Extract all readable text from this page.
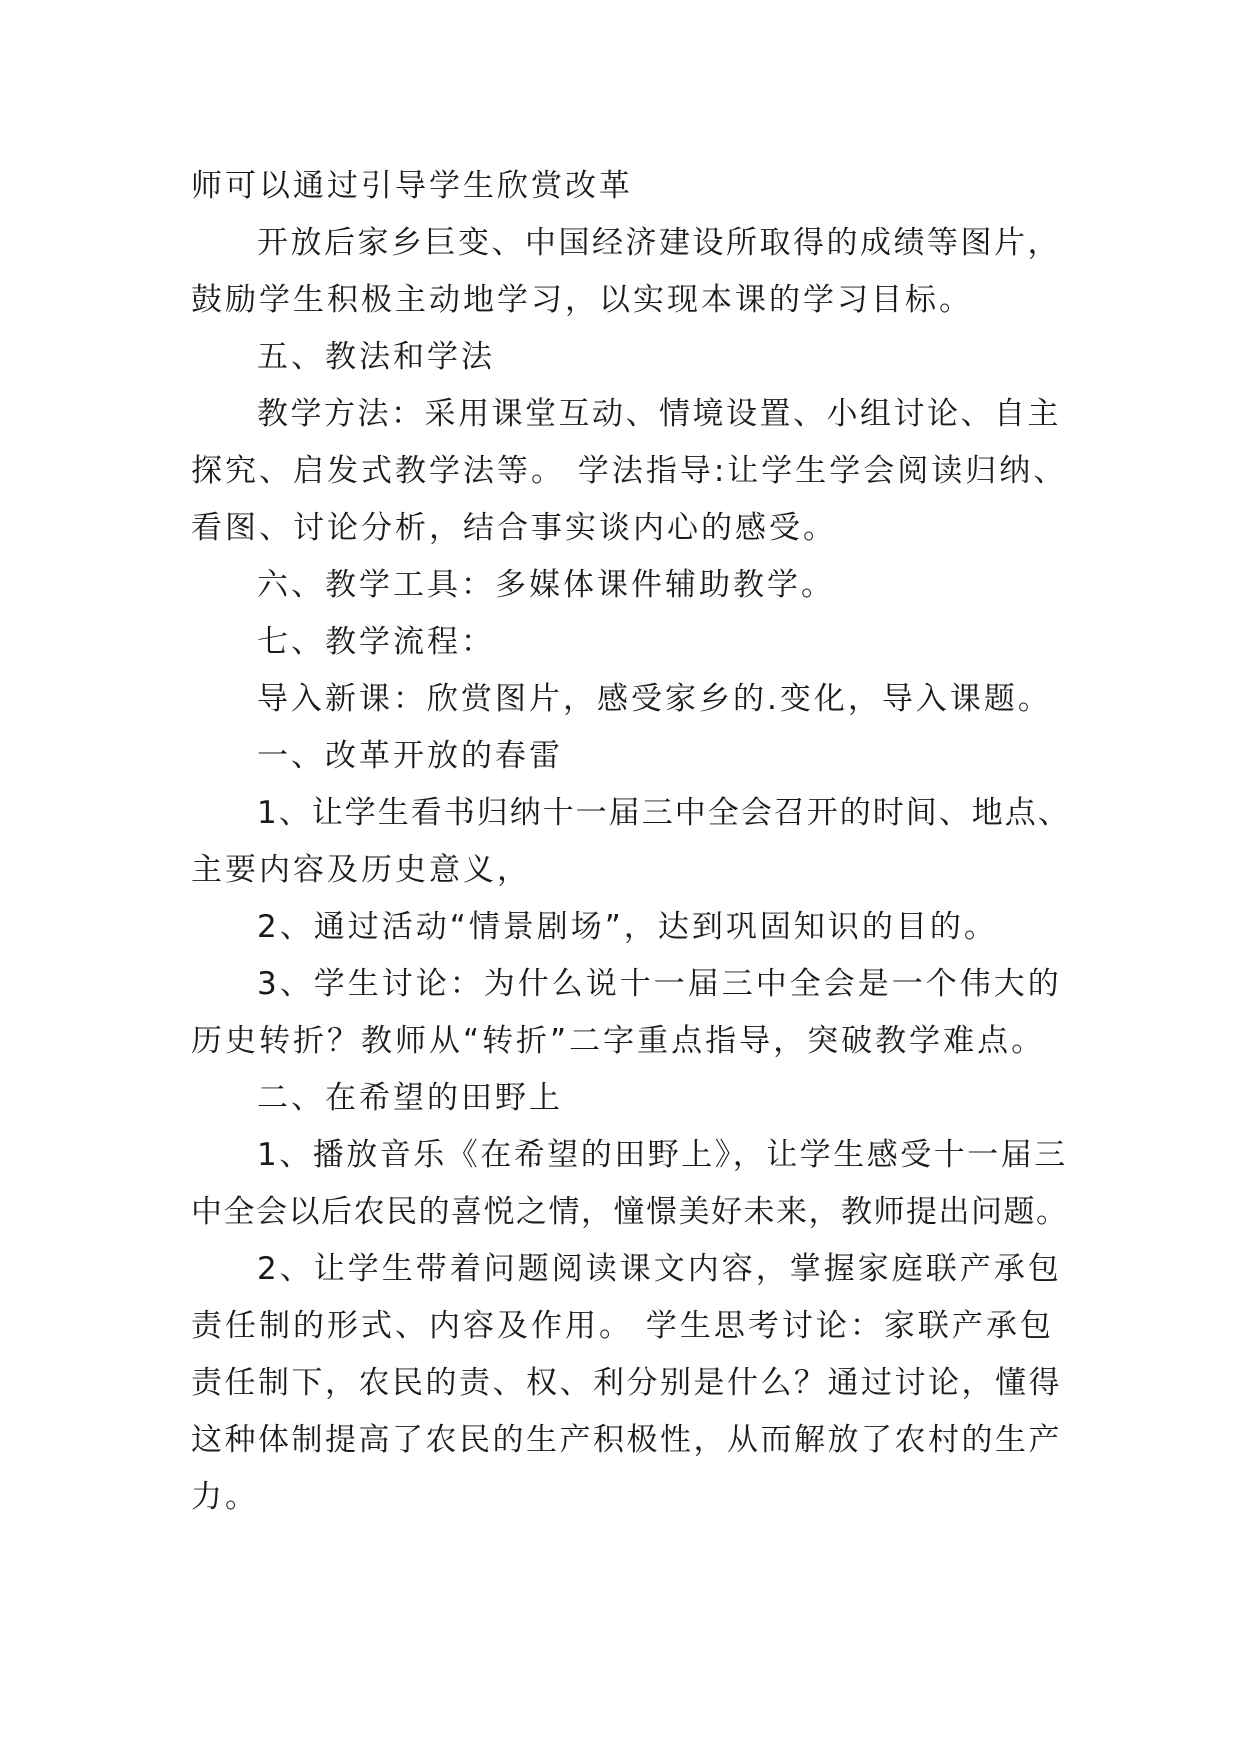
师可以通过引导学生欣赏改革
开放后家乡巨变、中国经济建设所取得的成绩等图片，
鼓励学生积极主动地学习，以实现本课的学习目标。
五、教法和学法
教学方法：采用课堂互动、情境设置、小组讨论、自主
探究、启发式教学法等。 学法指导:让学生学会阅读归纳、
看图、讨论分析，结合事实谈内心的感受。
六、教学工具：多媒体课件辅助教学。
七、教学流程：
导入新课：欣赏图片，感受家乡的.变化，导入课题。
一、改革开放的春雷
1、让学生看书归纳十一届三中全会召开的时间、地点、
主要内容及历史意义，
2、通过活动“情景剧场”，达到巩固知识的目的。
3、学生讨论：为什么说十一届三中全会是一个伟大的
历史转折？教师从“转折”二字重点指导，突破教学难点。
二、在希望的田野上
1、播放音乐《在希望的田野上》，让学生感受十一届三
中全会以后农民的喜悦之情，憧憬美好未来，教师提出问题。
2、让学生带着问题阅读课文内容，掌握家庭联产承包
责任制的形式、内容及作用。 学生思考讨论：家联产承包
责任制下，农民的责、权、利分别是什么？通过讨论，懂得
这种体制提高了农民的生产积极性，从而解放了农村的生产
力。
